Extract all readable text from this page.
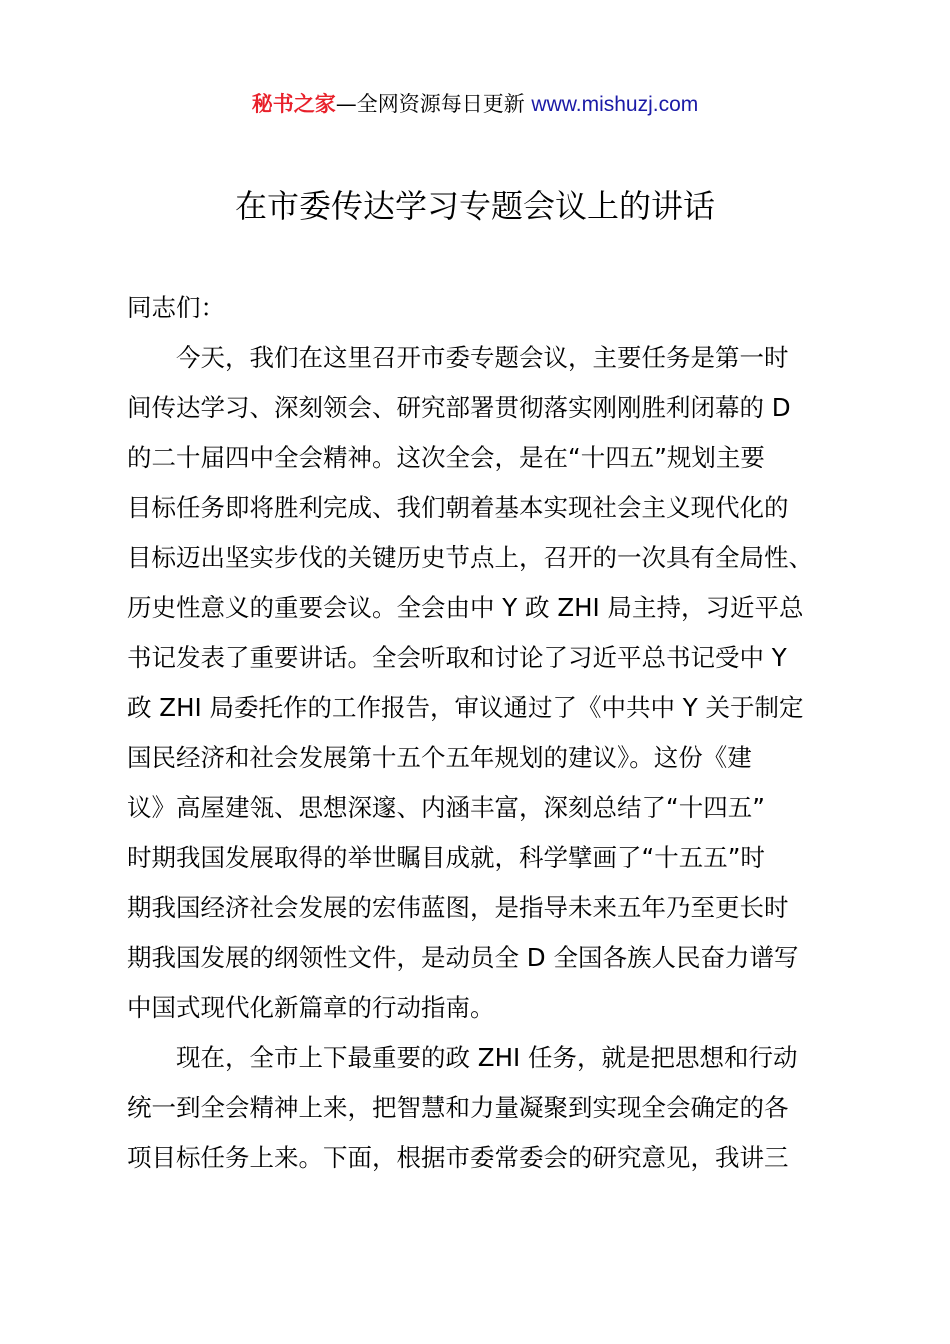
秘书之家—全网资源每日更新 www.mishuzj.com
在市委传达学习专题会议上的讲话
同志们：
今天，我们在这里召开市委专题会议，主要任务是第一时
间传达学习、深刻领会、研究部署贯彻落实刚刚胜利闭幕的 D
的二十届四中全会精神。这次全会，是在“十四五”规划主要
目标任务即将胜利完成、我们朝着基本实现社会主义现代化的
目标迈出坚实步伐的关键历史节点上，召开的一次具有全局性、
历史性意义的重要会议。全会由中 Y 政 ZHI 局主持，习近平总
书记发表了重要讲话。全会听取和讨论了习近平总书记受中 Y
政 ZHI 局委托作的工作报告，审议通过了《中共中 Y 关于制定
国民经济和社会发展第十五个五年规划的建议》。这份《建
议》高屋建瓴、思想深邃、内涵丰富，深刻总结了“十四五”
时期我国发展取得的举世瞩目成就，科学擘画了“十五五”时
期我国经济社会发展的宏伟蓝图，是指导未来五年乃至更长时
期我国发展的纲领性文件，是动员全 D 全国各族人民奋力谱写
中国式现代化新篇章的行动指南。
现在，全市上下最重要的政 ZHI 任务，就是把思想和行动
统一到全会精神上来，把智慧和力量凝聚到实现全会确定的各
项目标任务上来。下面，根据市委常委会的研究意见，我讲三
